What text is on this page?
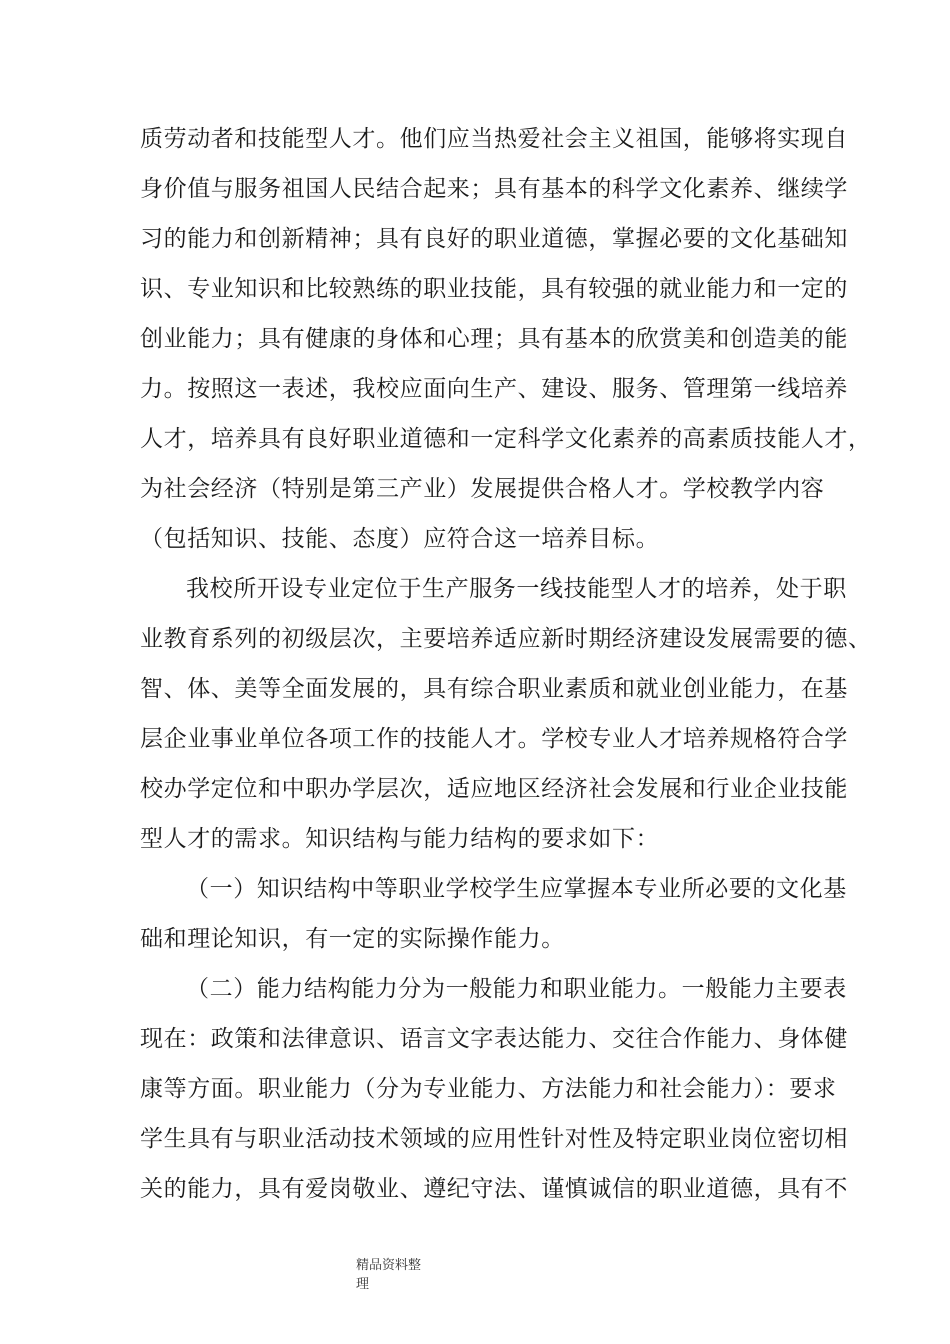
质劳动者和技能型人才。他们应当热爱社会主义祖国，能够将实现自
身价值与服务祖国人民结合起来；具有基本的科学文化素养、继续学
习的能力和创新精神；具有良好的职业道德，掌握必要的文化基础知
识、专业知识和比较熟练的职业技能，具有较强的就业能力和一定的
创业能力；具有健康的身体和心理；具有基本的欣赏美和创造美的能
力。按照这一表述，我校应面向生产、建设、服务、管理第一线培养
人才，培养具有良好职业道德和一定科学文化素养的高素质技能人才，
为社会经济（特别是第三产业）发展提供合格人才。学校教学内容
（包括知识、技能、态度）应符合这一培养目标。
我校所开设专业定位于生产服务一线技能型人才的培养，处于职
业教育系列的初级层次，主要培养适应新时期经济建设发展需要的德、
智、体、美等全面发展的，具有综合职业素质和就业创业能力，在基
层企业事业单位各项工作的技能人才。学校专业人才培养规格符合学
校办学定位和中职办学层次，适应地区经济社会发展和行业企业技能
型人才的需求。知识结构与能力结构的要求如下：
（一）知识结构中等职业学校学生应掌握本专业所必要的文化基
础和理论知识，有一定的实际操作能力。
（二）能力结构能力分为一般能力和职业能力。一般能力主要表
现在：政策和法律意识、语言文字表达能力、交往合作能力、身体健
康等方面。职业能力（分为专业能力、方法能力和社会能力）：要求
学生具有与职业活动技术领域的应用性针对性及特定职业岗位密切相
关的能力，具有爱岗敬业、遵纪守法、谨慎诚信的职业道德，具有不
精品资料整
理
